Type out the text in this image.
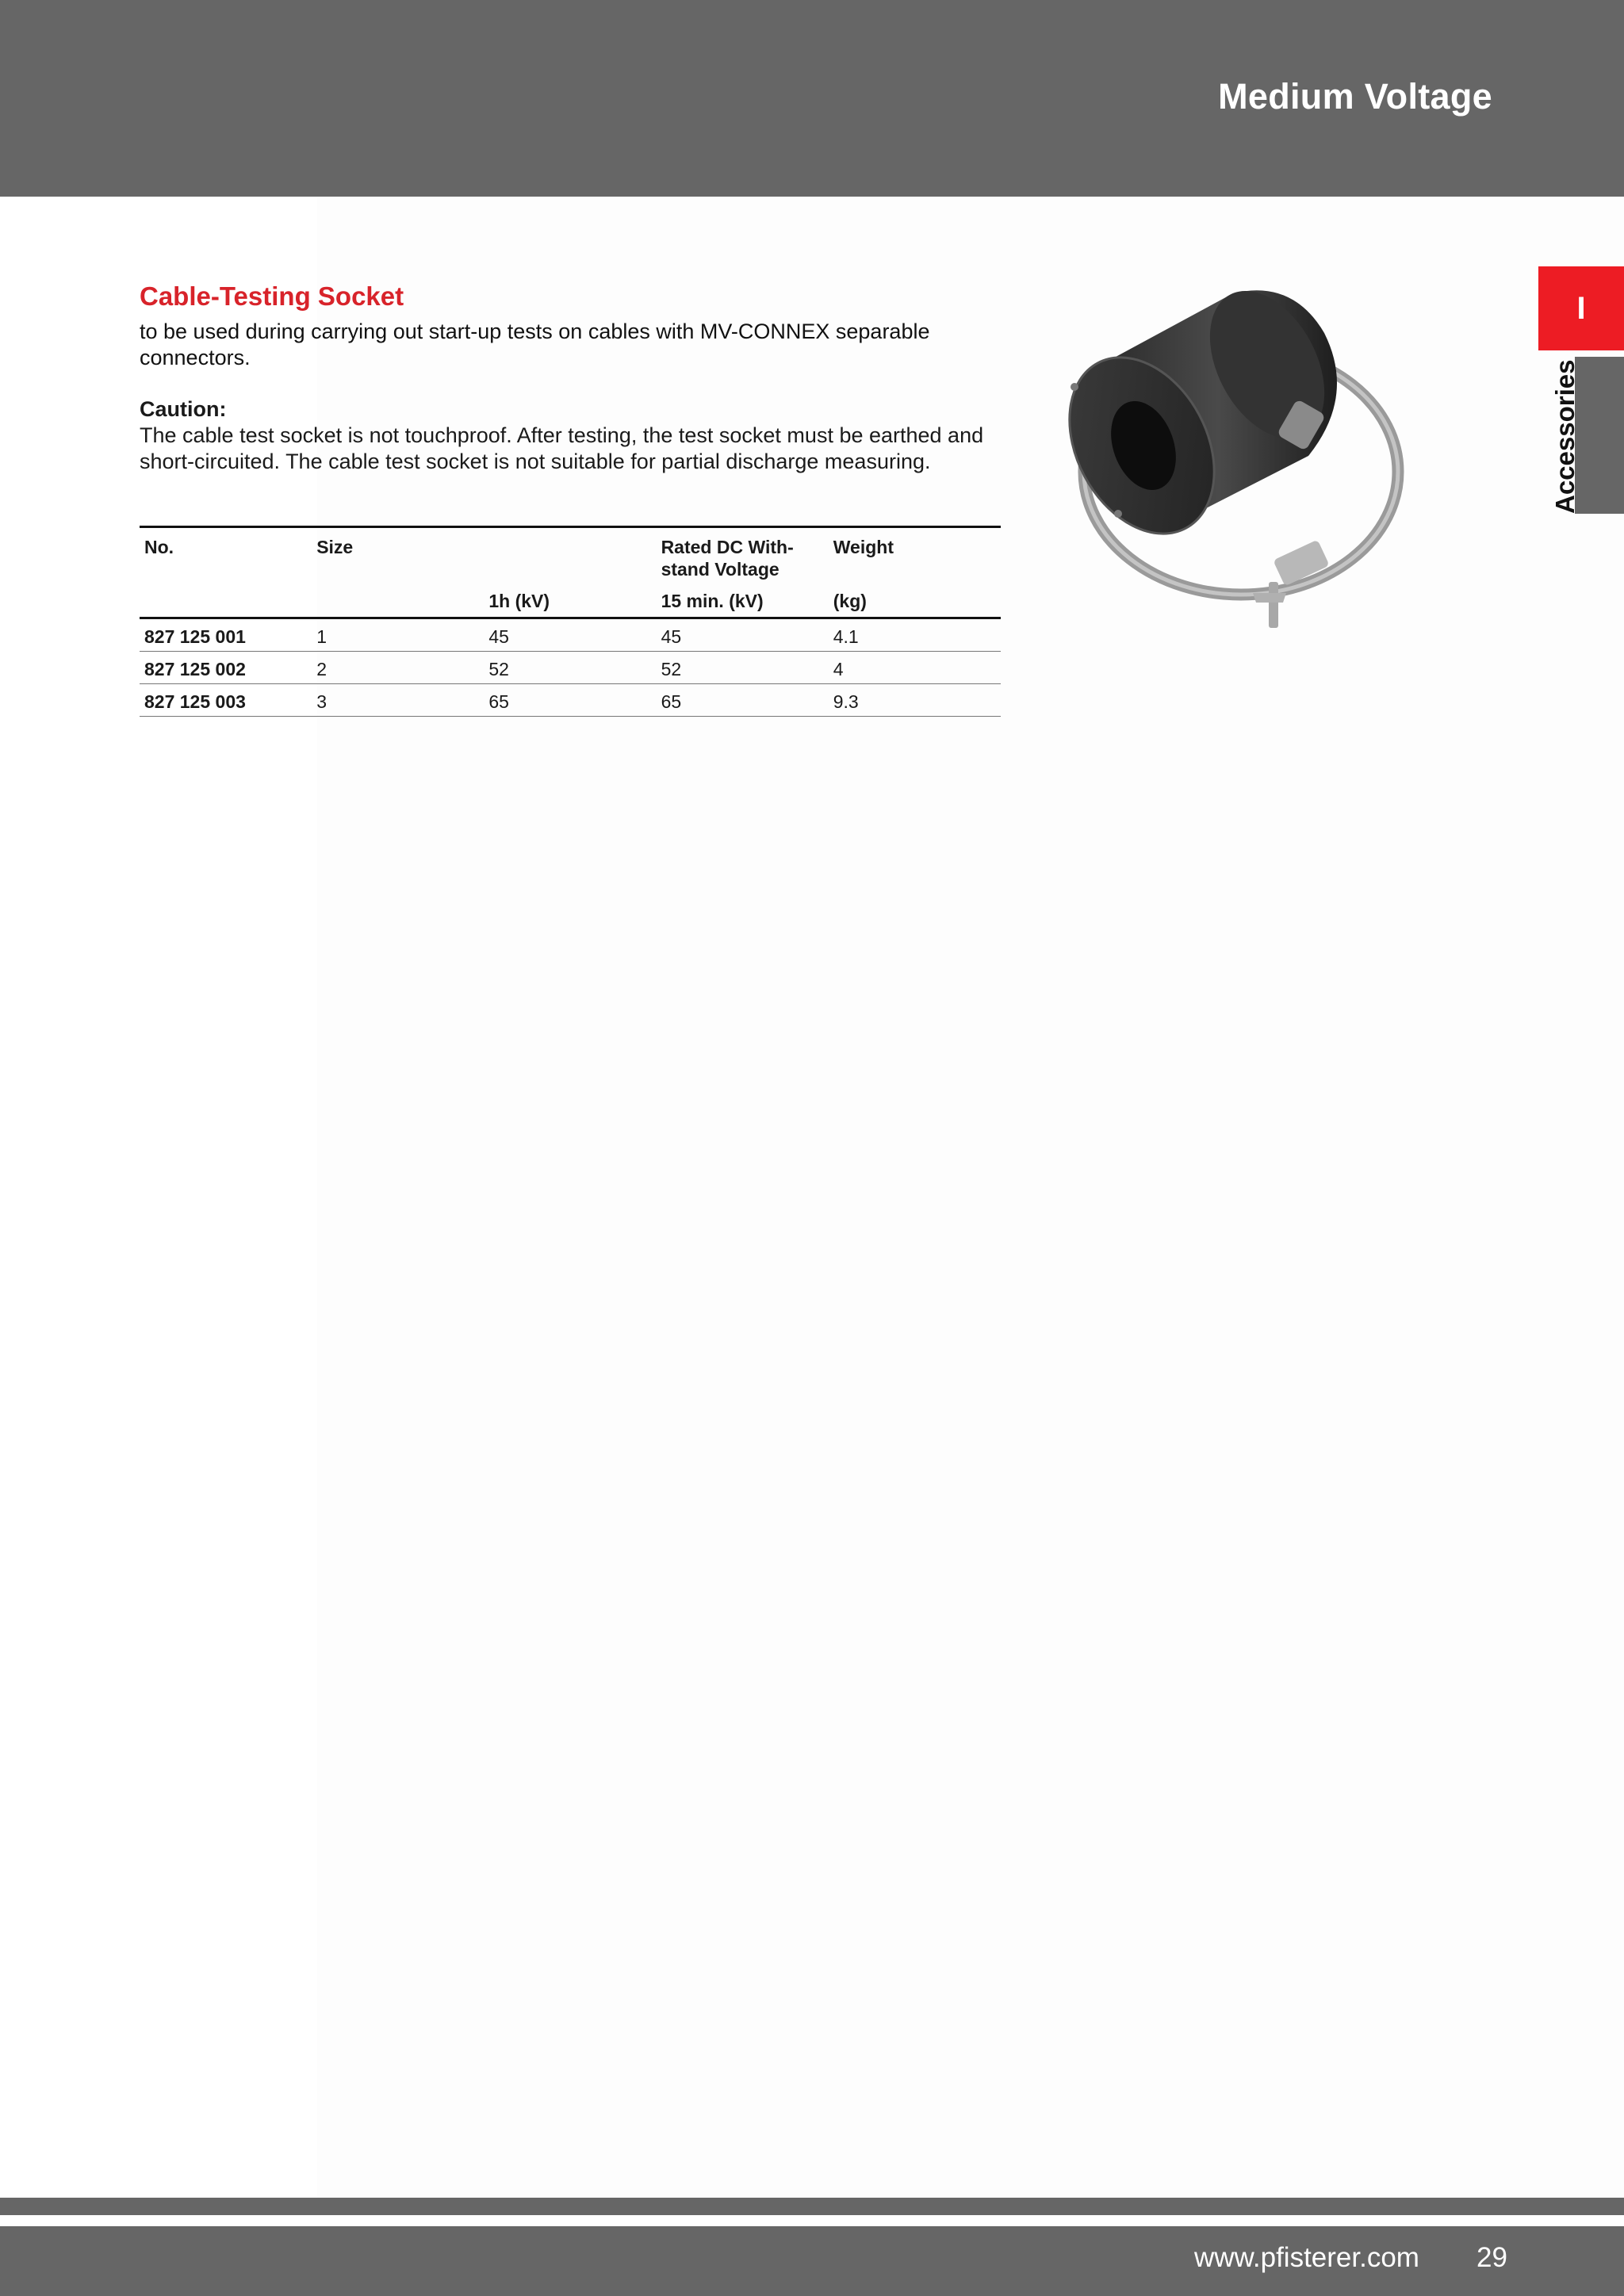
Medium Voltage
Cable-Testing Socket

to be used during carrying out start-up tests on cables with MV-CONNEX separable connectors.

Caution:

The cable test socket is not touchproof. After testing, the test socket must be earthed and short-circuited. The cable test socket is not suitable for partial discharge measuring.

No.	Size		Rated DC With-stand Voltage	Weight
		1h (kV)	15 min. (kV)	(kg)
827 125 001	1	45	45	4.1
827 125 002	2	52	52	4
827 125 003	3	65	65	9.3
I
Accessories
www.pfisterer.com 29
